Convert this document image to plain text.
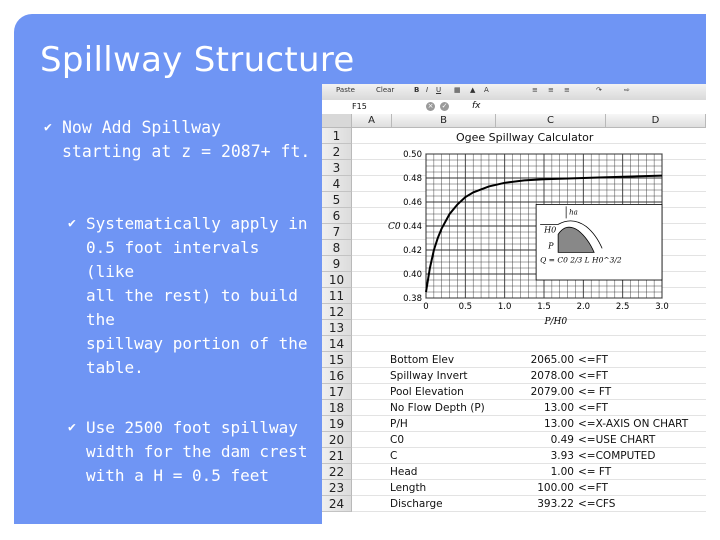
Spillway Structure
✔ Now Add Spillway
starting at z = 2087+ ft.
✔ Systematically apply in
0.5 foot intervals (like
all the rest) to build the
spillway portion of the
table.
✔ Use 2500 foot spillway
width for the dam crest
with a H = 0.5 feet
Paste	Clear	B I U ▦ ▲ A	≡ ≡ ≡	↷	⇨
F15	× ✓	fx
A	B	C	D
1
2
3
4
5
6
7
8
9
10
11
12
13
14
15
16
17
18
19
20
21
22
23
24
Ogee Spillway Calculator
ha
H0
P
Q = C0 2/3 L H0^3/2
0	0.5	1.0	1.5	2.0	2.5	3.0
0.50
0.48
0.46
0.44
0.42
0.40
0.38
C0
P/H0
Bottom Elev	2065.00 <=FT
Spillway Invert	2078.00 <=FT
Pool Elevation	2079.00 <= FT
No Flow Depth (P)	13.00 <=FT
P/H	13.00 <=X-AXIS ON CHART
C0	0.49 <=USE CHART
C	3.93 <=COMPUTED
Head	1.00 <= FT
Length	100.00 <=FT
Discharge	393.22 <=CFS
